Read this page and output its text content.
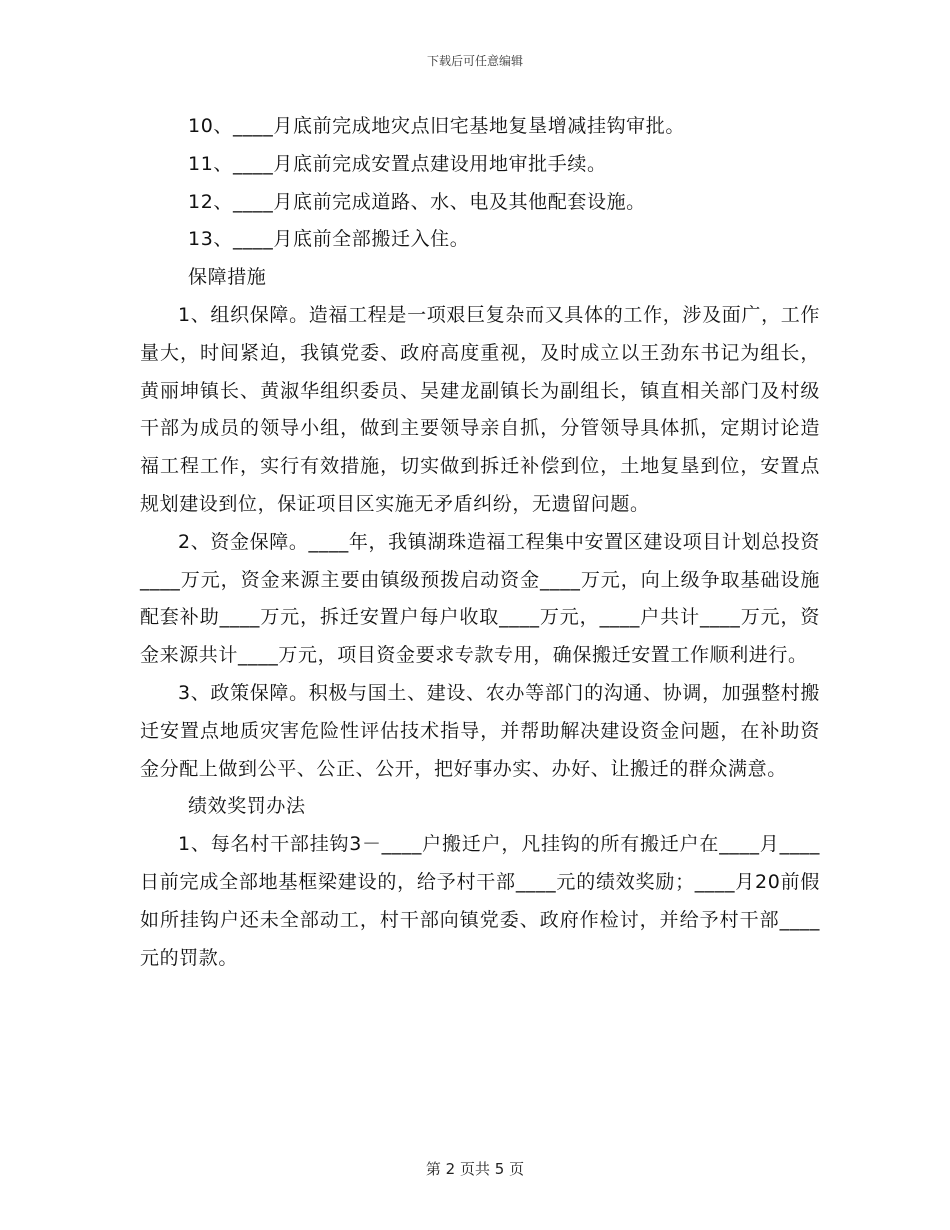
下载后可任意编辑

10、____月底前完成地灾点旧宅基地复垦增减挂钩审批。

11、____月底前完成安置点建设用地审批手续。

12、____月底前完成道路、水、电及其他配套设施。

13、____月底前全部搬迁入住。

保障措施

1、组织保障。造福工程是一项艰巨复杂而又具体的工作，涉及面广，工作量大，时间紧迫，我镇党委、政府高度重视，及时成立以王劲东书记为组长，黄丽坤镇长、黄淑华组织委员、吴建龙副镇长为副组长，镇直相关部门及村级干部为成员的领导小组，做到主要领导亲自抓，分管领导具体抓，定期讨论造福工程工作，实行有效措施，切实做到拆迁补偿到位，土地复垦到位，安置点规划建设到位，保证项目区实施无矛盾纠纷，无遗留问题。

2、资金保障。____年，我镇湖珠造福工程集中安置区建设项目计划总投资____万元，资金来源主要由镇级预拨启动资金____万元，向上级争取基础设施配套补助____万元，拆迁安置户每户收取____万元，____户共计____万元，资金来源共计____万元，项目资金要求专款专用，确保搬迁安置工作顺利进行。

3、政策保障。积极与国土、建设、农办等部门的沟通、协调，加强整村搬迁安置点地质灾害危险性评估技术指导，并帮助解决建设资金问题，在补助资金分配上做到公平、公正、公开，把好事办实、办好、让搬迁的群众满意。

绩效奖罚办法

1、每名村干部挂钩3－____户搬迁户，凡挂钩的所有搬迁户在____月____日前完成全部地基框梁建设的，给予村干部____元的绩效奖励；____月20前假如所挂钩户还未全部动工，村干部向镇党委、政府作检讨，并给予村干部____元的罚款。

第 2 页共 5 页
